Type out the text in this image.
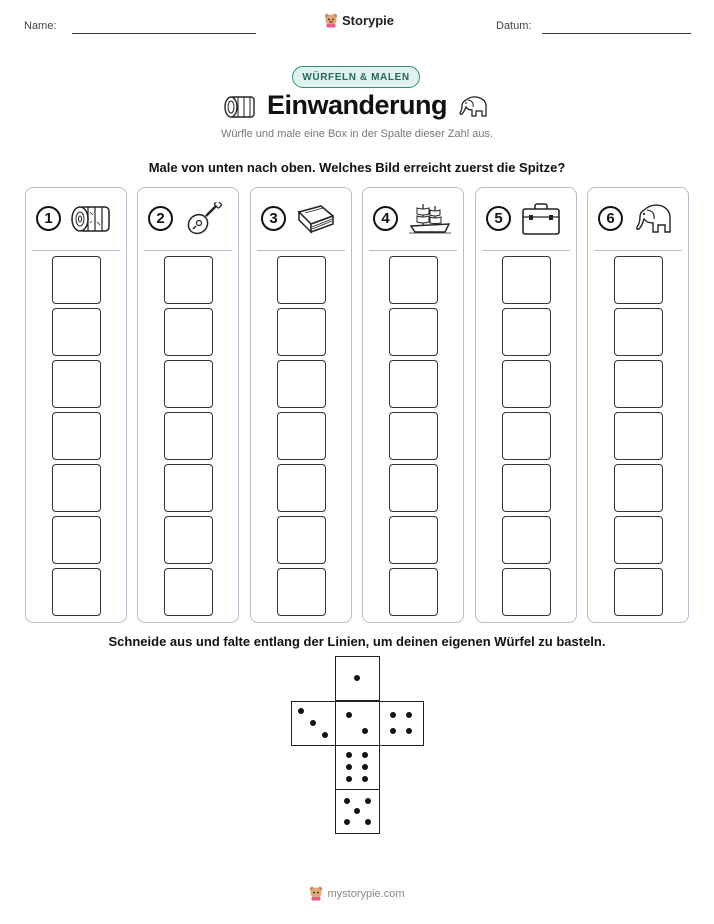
Name:	Storypie	Datum:
WÜRFELN & MALEN
Einwanderung
Würfle und male eine Box in der Spalte dieser Zahl aus.
Male von unten nach oben. Welches Bild erreicht zuerst die Spitze?
1	2	3	4	5	6
Schneide aus und falte entlang der Linien, um deinen eigenen Würfel zu basteln.
mystorypie.com
